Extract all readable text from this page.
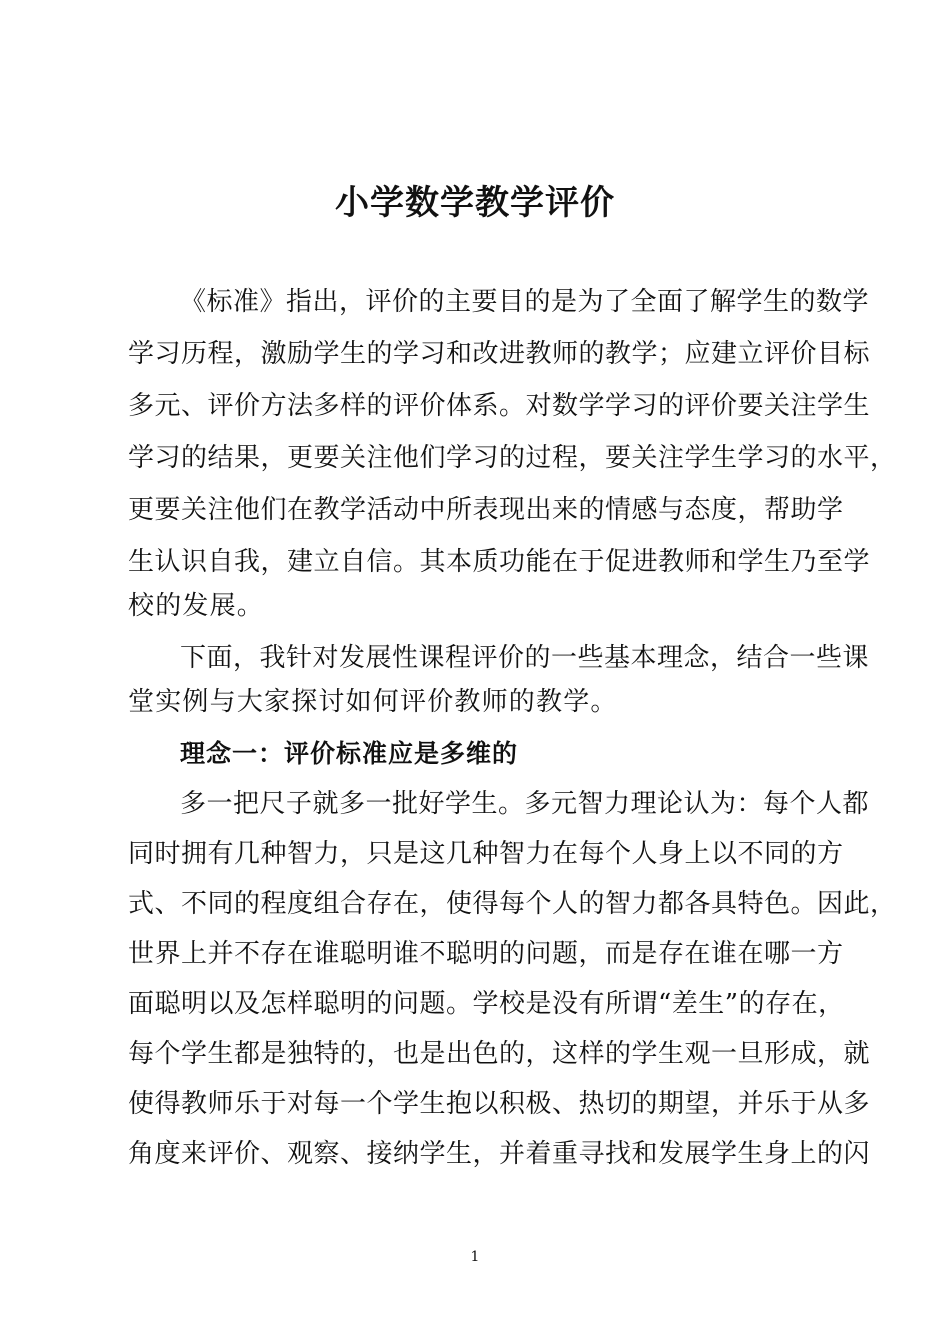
小学数学教学评价
《标准》指出，评价的主要目的是为了全面了解学生的数学
学习历程，激励学生的学习和改进教师的教学；应建立评价目标
多元、评价方法多样的评价体系。对数学学习的评价要关注学生
学习的结果，更要关注他们学习的过程，要关注学生学习的水平，
更要关注他们在教学活动中所表现出来的情感与态度，帮助学
生认识自我，建立自信。其本质功能在于促进教师和学生乃至学
校的发展。
下面，我针对发展性课程评价的一些基本理念，结合一些课
堂实例与大家探讨如何评价教师的教学。
理念一：评价标准应是多维的
多一把尺子就多一批好学生。多元智力理论认为：每个人都
同时拥有几种智力，只是这几种智力在每个人身上以不同的方
式、不同的程度组合存在，使得每个人的智力都各具特色。因此，
世界上并不存在谁聪明谁不聪明的问题，而是存在谁在哪一方
面聪明以及怎样聪明的问题。学校是没有所谓“差生”的存在，
每个学生都是独特的，也是出色的，这样的学生观一旦形成，就
使得教师乐于对每一个学生抱以积极、热切的期望，并乐于从多
角度来评价、观察、接纳学生，并着重寻找和发展学生身上的闪
1
